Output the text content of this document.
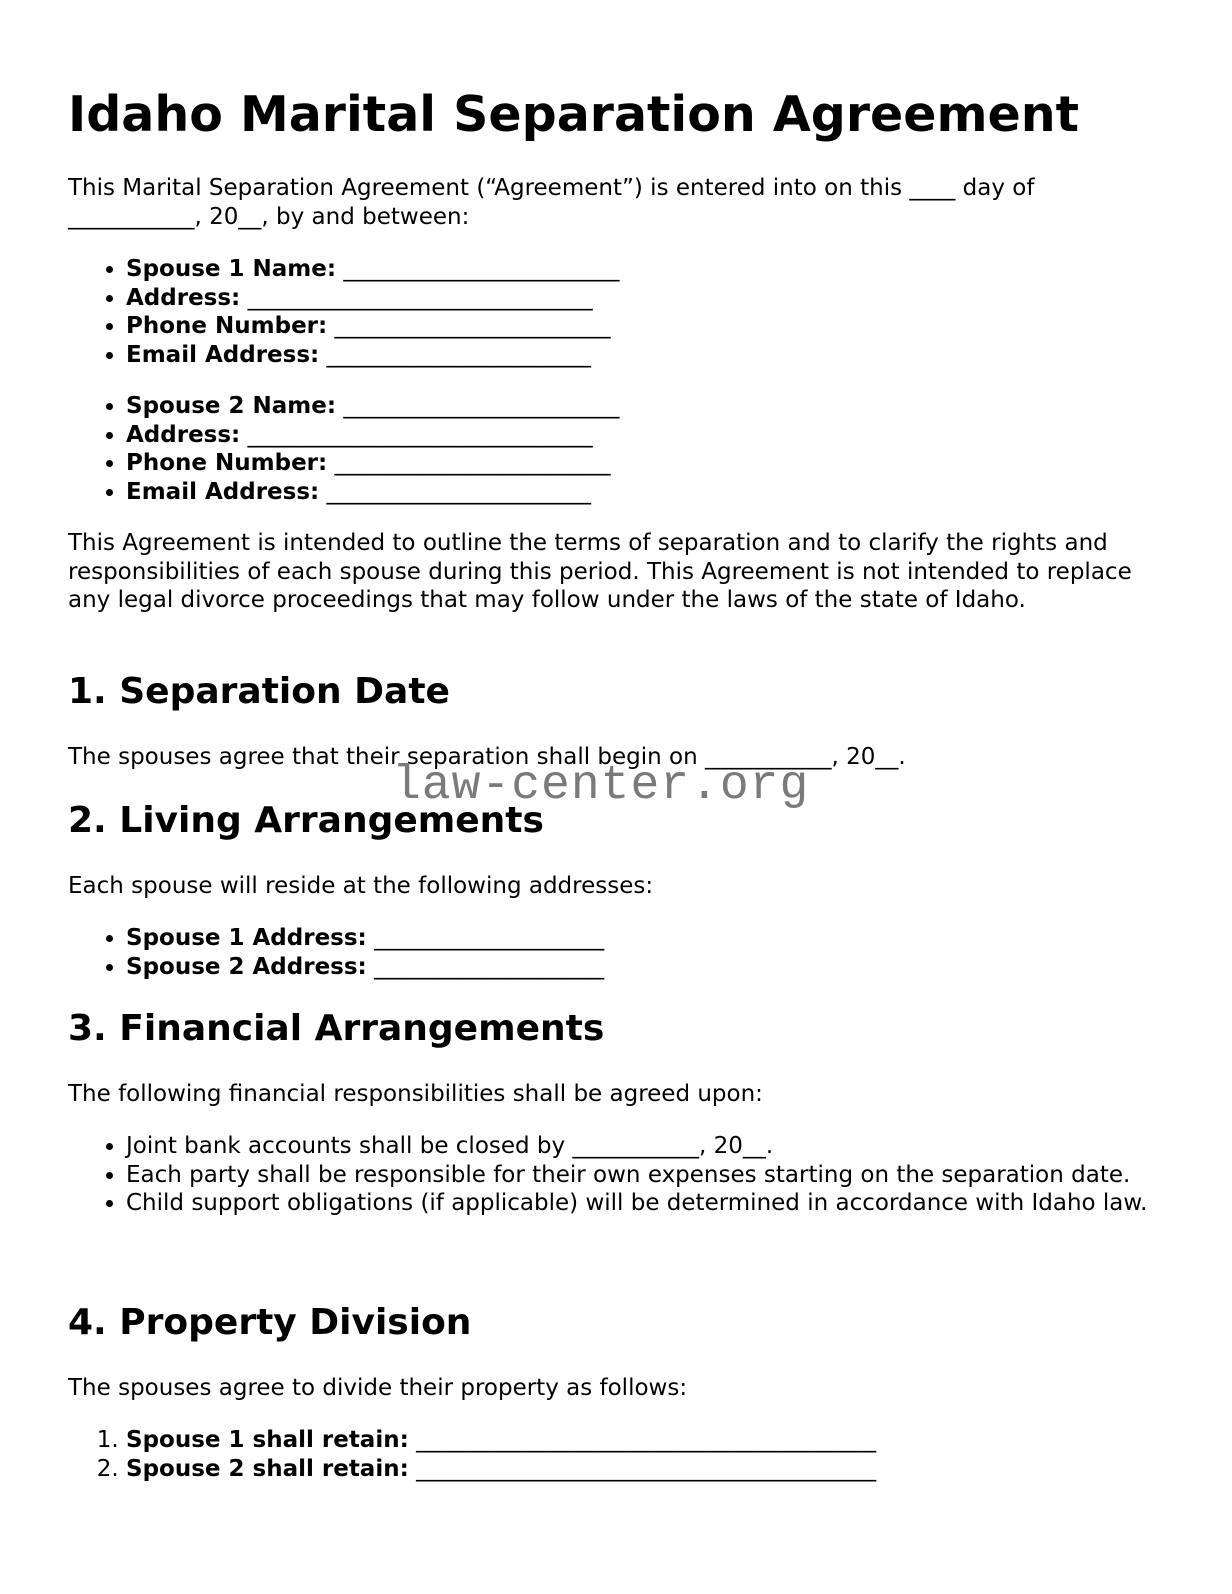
Idaho Marital Separation Agreement

This Marital Separation Agreement (“Agreement”) is entered into on this ____ day of ___________, 20__, by and between:

• Spouse 1 Name: ________________________
• Address: ______________________________
• Phone Number: ________________________
• Email Address: _______________________
• Spouse 2 Name: ________________________
• Address: ______________________________
• Phone Number: ________________________
• Email Address: _______________________

This Agreement is intended to outline the terms of separation and to clarify the rights and responsibilities of each spouse during this period. This Agreement is not intended to replace any legal divorce proceedings that may follow under the laws of the state of Idaho.

1. Separation Date

The spouses agree that their separation shall begin on ___________, 20__.

law-center.org
2. Living Arrangements

Each spouse will reside at the following addresses:

• Spouse 1 Address: ____________________
• Spouse 2 Address: ____________________
3. Financial Arrangements

The following financial responsibilities shall be agreed upon:

• Joint bank accounts shall be closed by ___________, 20__.
• Each party shall be responsible for their own expenses starting on the separation date.
• Child support obligations (if applicable) will be determined in accordance with Idaho law.
4. Property Division

The spouses agree to divide their property as follows:

1. Spouse 1 shall retain: ________________________________________
2. Spouse 2 shall retain: ________________________________________
